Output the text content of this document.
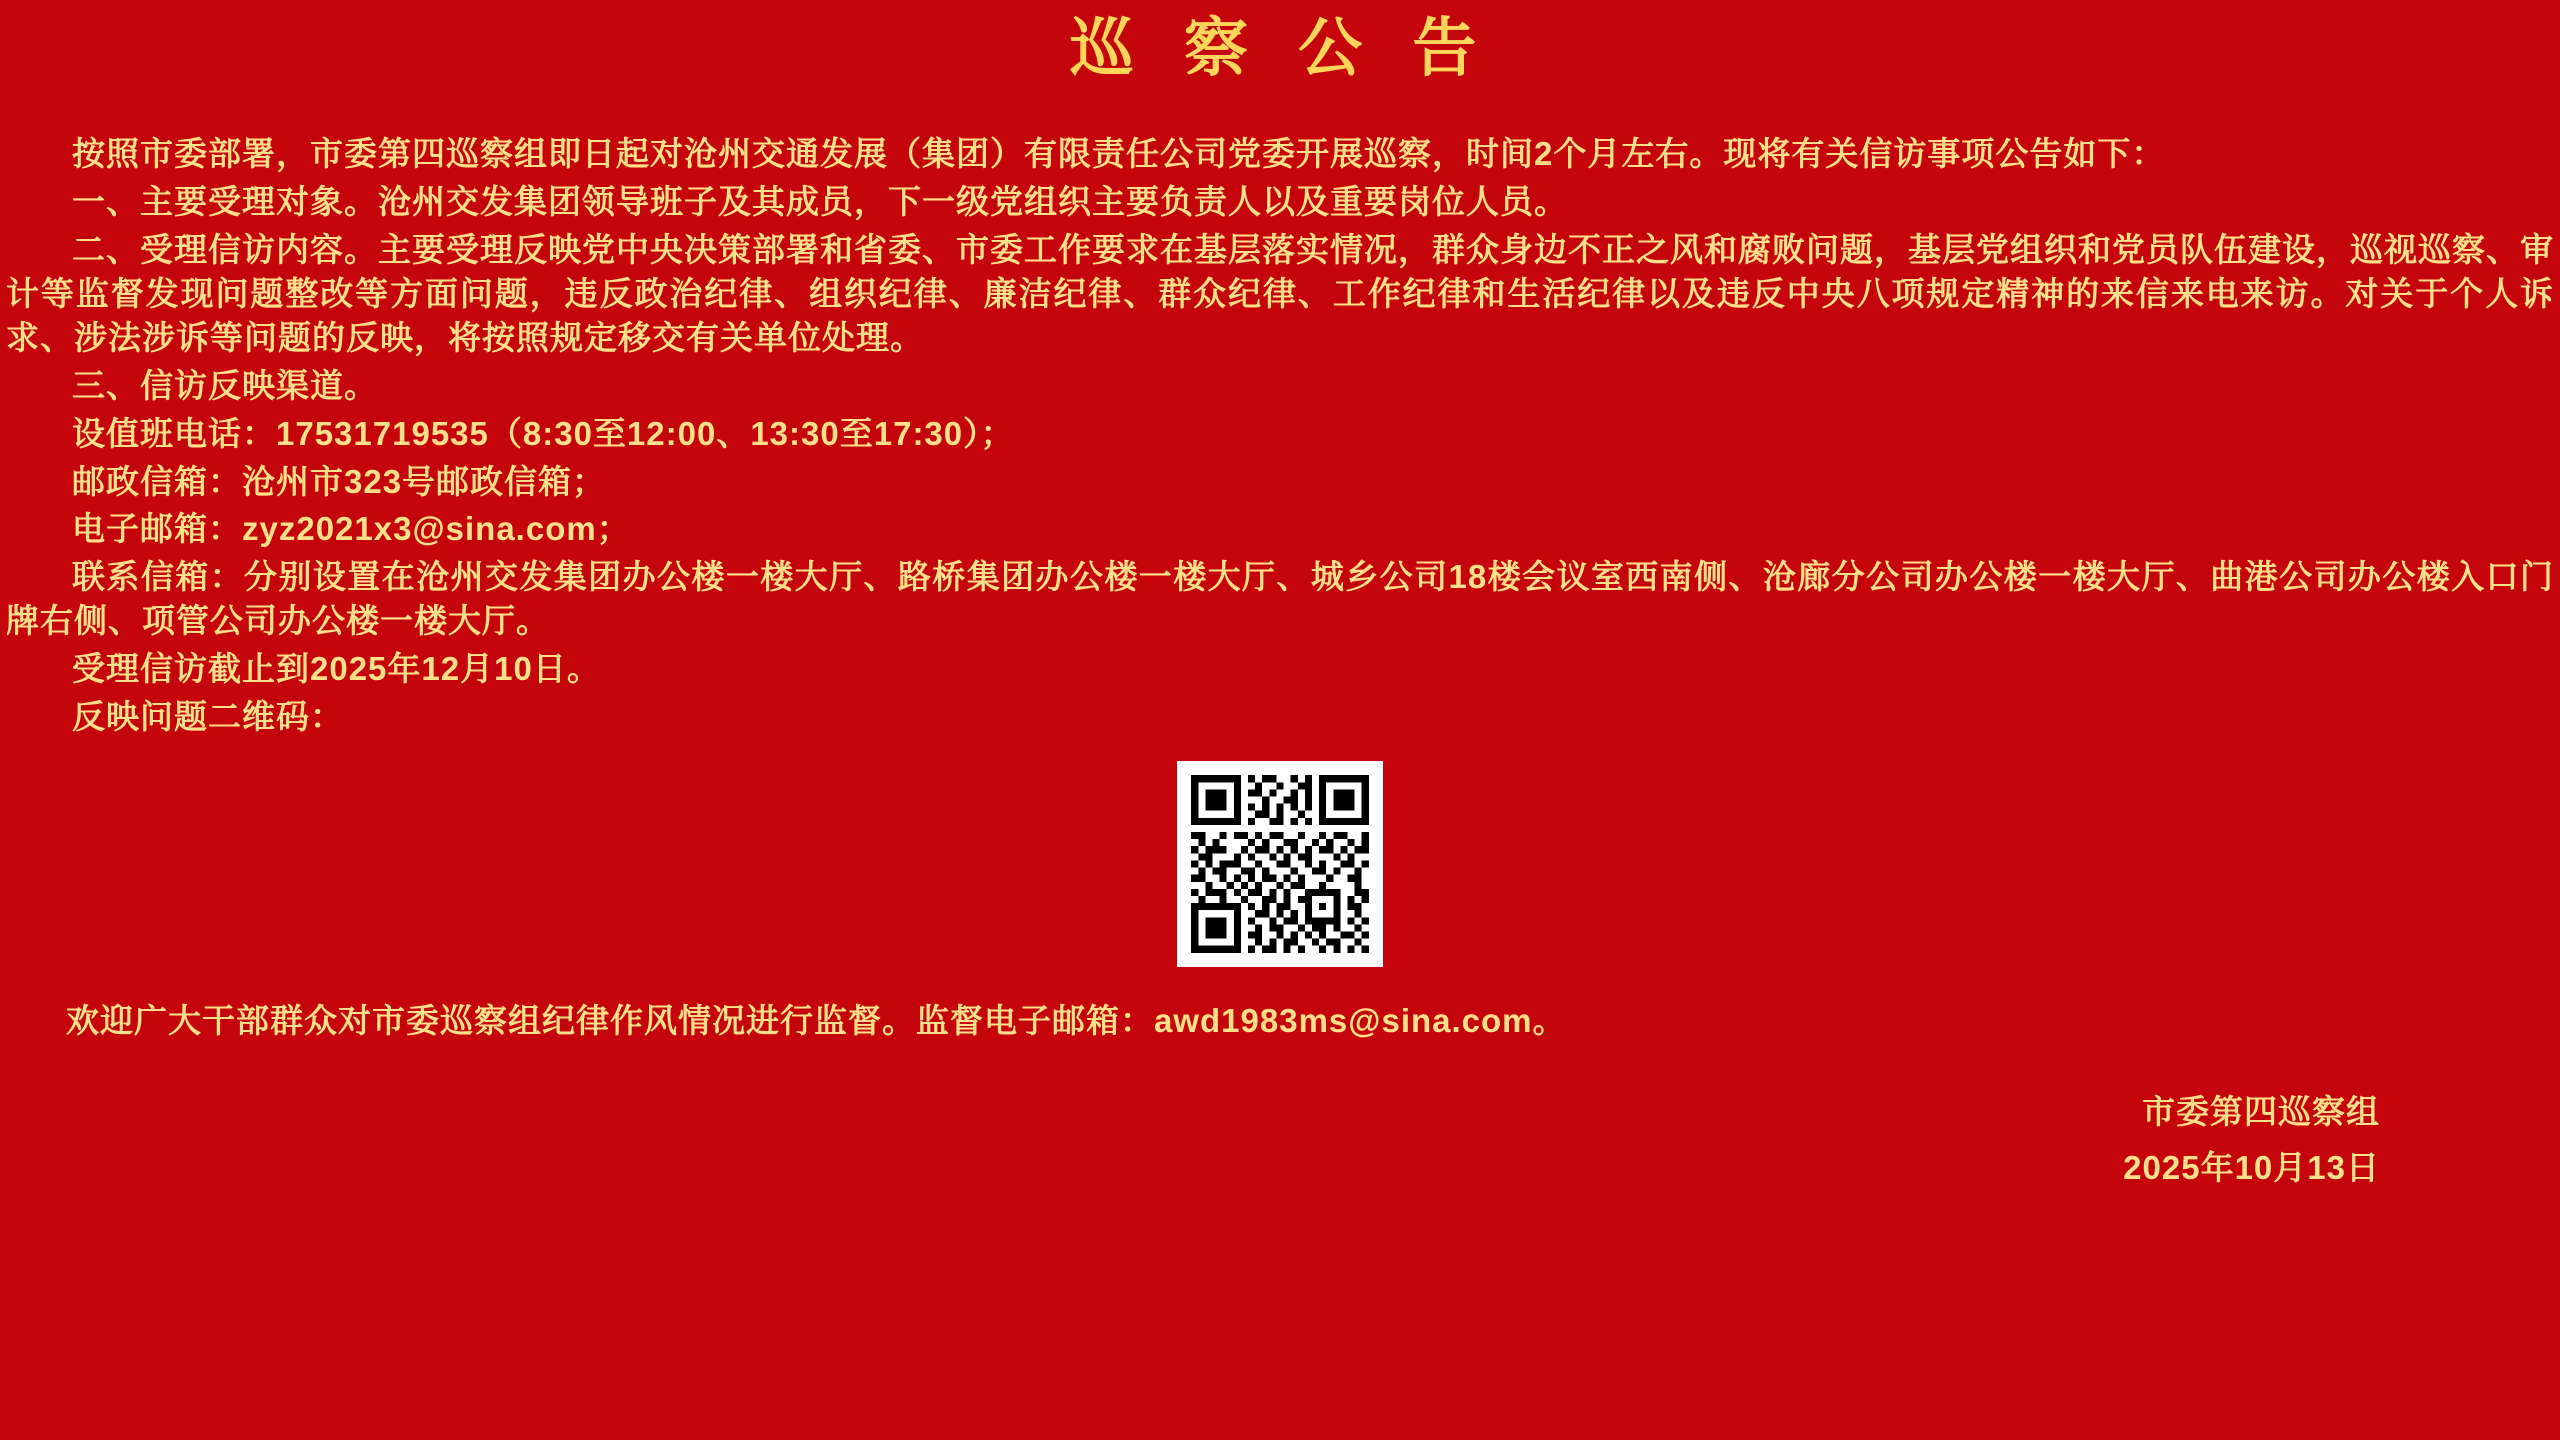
巡 察 公 告

按照市委部署，市委第四巡察组即日起对沧州交通发展（集团）有限责任公司党委开展巡察，时间2个月左右。现将有关信访事项公告如下：

一、主要受理对象。沧州交发集团领导班子及其成员，下一级党组织主要负责人以及重要岗位人员。

二、受理信访内容。主要受理反映党中央决策部署和省委、市委工作要求在基层落实情况，群众身边不正之风和腐败问题，基层党组织和党员队伍建设，巡视巡察、审计等监督发现问题整改等方面问题，违反政治纪律、组织纪律、廉洁纪律、群众纪律、工作纪律和生活纪律以及违反中央八项规定精神的来信来电来访。对关于个人诉求、涉法涉诉等问题的反映，将按照规定移交有关单位处理。

三、信访反映渠道。

设值班电话：17531719535（8:30至12:00、13:30至17:30）；

邮政信箱：沧州市323号邮政信箱；

电子邮箱：zyz2021x3@sina.com；

联系信箱：分别设置在沧州交发集团办公楼一楼大厅、路桥集团办公楼一楼大厅、城乡公司18楼会议室西南侧、沧廊分公司办公楼一楼大厅、曲港公司办公楼入口门牌右侧、项管公司办公楼一楼大厅。

受理信访截止到2025年12月10日。

反映问题二维码：

欢迎广大干部群众对市委巡察组纪律作风情况进行监督。监督电子邮箱：awd1983ms@sina.com。
市委第四巡察组
2025年10月13日
